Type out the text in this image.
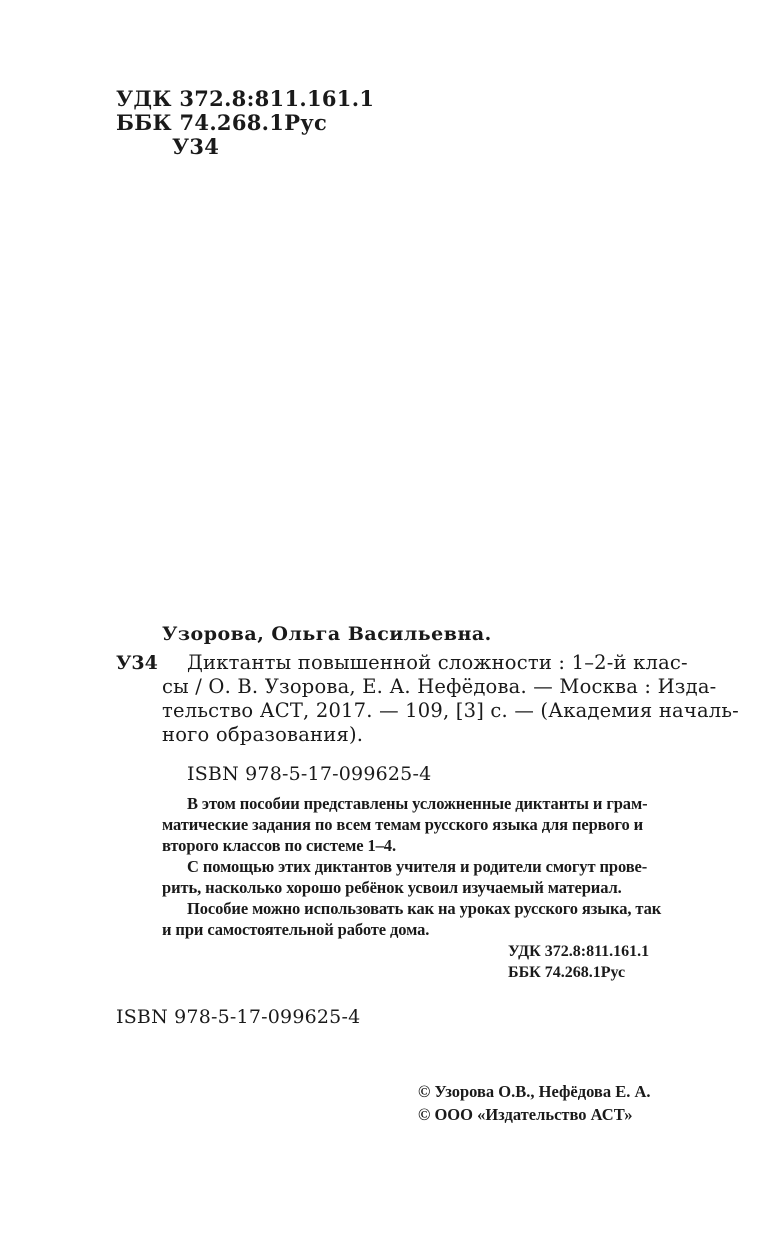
УДК 372.8:811.161.1
ББК 74.268.1Рус
У34
Узорова, Ольга Васильевна.
У34 Диктанты повышенной сложности : 1–2-й клас-
сы / О. В. Узорова, Е. А. Нефёдова. — Москва : Изда-
тельство АСТ, 2017. — 109, [3] с. — (Академия началь-
ного образования).
ISBN 978-5-17-099625-4
В этом пособии представлены усложненные диктанты и грам-
матические задания по всем темам русского языка для первого и
второго классов по системе 1–4.
С помощью этих диктантов учителя и родители смогут прове-
рить, насколько хорошо ребёнок усвоил изучаемый материал.
Пособие можно использовать как на уроках русского языка, так
и при самостоятельной работе дома.
УДК 372.8:811.161.1
ББК 74.268.1Рус
ISBN 978-5-17-099625-4
© Узорова О.В., Нефёдова Е. А.
© ООО «Издательство АСТ»
